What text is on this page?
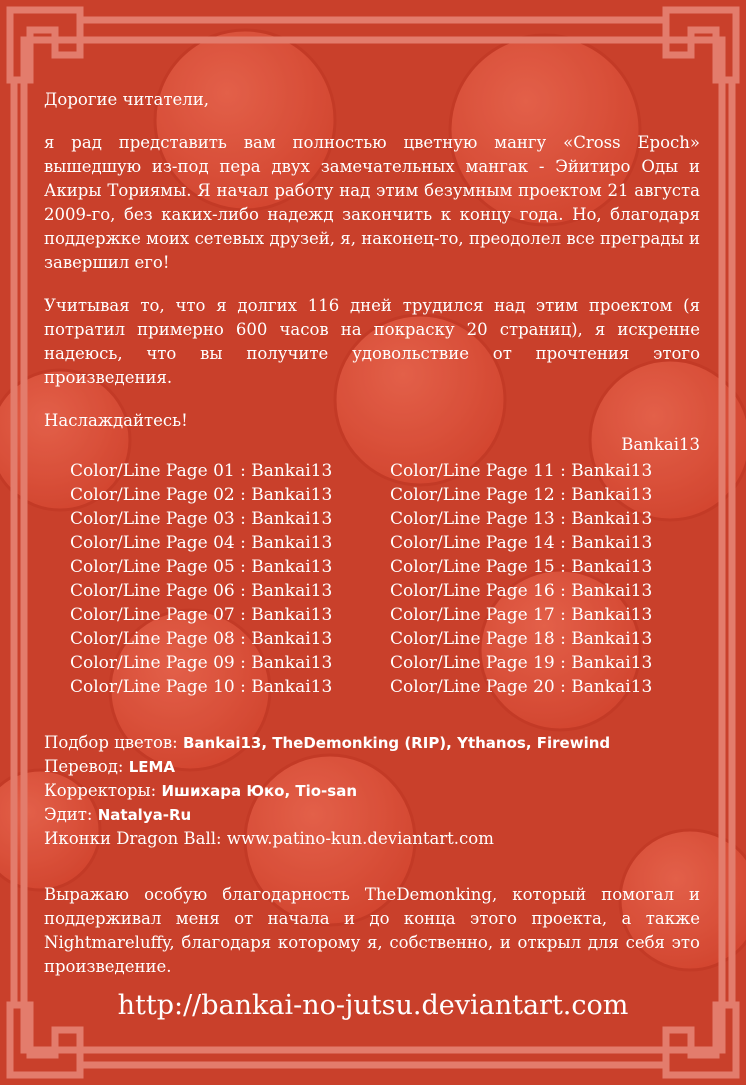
Дорогие читатели,

я рад представить вам полностью цветную мангу «Cross Epoch» вышедшую из-под пера двух замечательных мангак - Эйитиро Оды и Акиры Ториямы. Я начал работу над этим безумным проектом 21 августа 2009-го, без каких-либо надежд закончить к концу года. Но, благодаря поддержке моих сетевых друзей, я, наконец-то, преодолел все преграды и завершил его!

Учитывая то, что я долгих 116 дней трудился над этим проектом (я потратил примерно 600 часов на покраску 20 страниц), я искренне надеюсь, что вы получите удовольствие от прочтения этого произведения.

Наслаждайтесь!

Bankai13

Color/Line Page 01 : Bankai13
Color/Line Page 02 : Bankai13
Color/Line Page 03 : Bankai13
Color/Line Page 04 : Bankai13
Color/Line Page 05 : Bankai13
Color/Line Page 06 : Bankai13
Color/Line Page 07 : Bankai13
Color/Line Page 08 : Bankai13
Color/Line Page 09 : Bankai13
Color/Line Page 10 : Bankai13
Color/Line Page 11 : Bankai13
Color/Line Page 12 : Bankai13
Color/Line Page 13 : Bankai13
Color/Line Page 14 : Bankai13
Color/Line Page 15 : Bankai13
Color/Line Page 16 : Bankai13
Color/Line Page 17 : Bankai13
Color/Line Page 18 : Bankai13
Color/Line Page 19 : Bankai13
Color/Line Page 20 : Bankai13
Подбор цветов: Bankai13, TheDemonking (RIP), Ythanos, Firewind
Перевод: LEMA
Корректоры: Ишихара Юко, Tio-san
Эдит: Natalya-Ru
Иконки Dragon Ball: www.patino-kun.deviantart.com

Выражаю особую благодарность TheDemonking, который помогал и поддерживал меня от начала и до конца этого проекта, а также Nightmareluffy, благодаря которому я, собственно, и открыл для себя это произведение.

http://bankai-no-jutsu.deviantart.com
